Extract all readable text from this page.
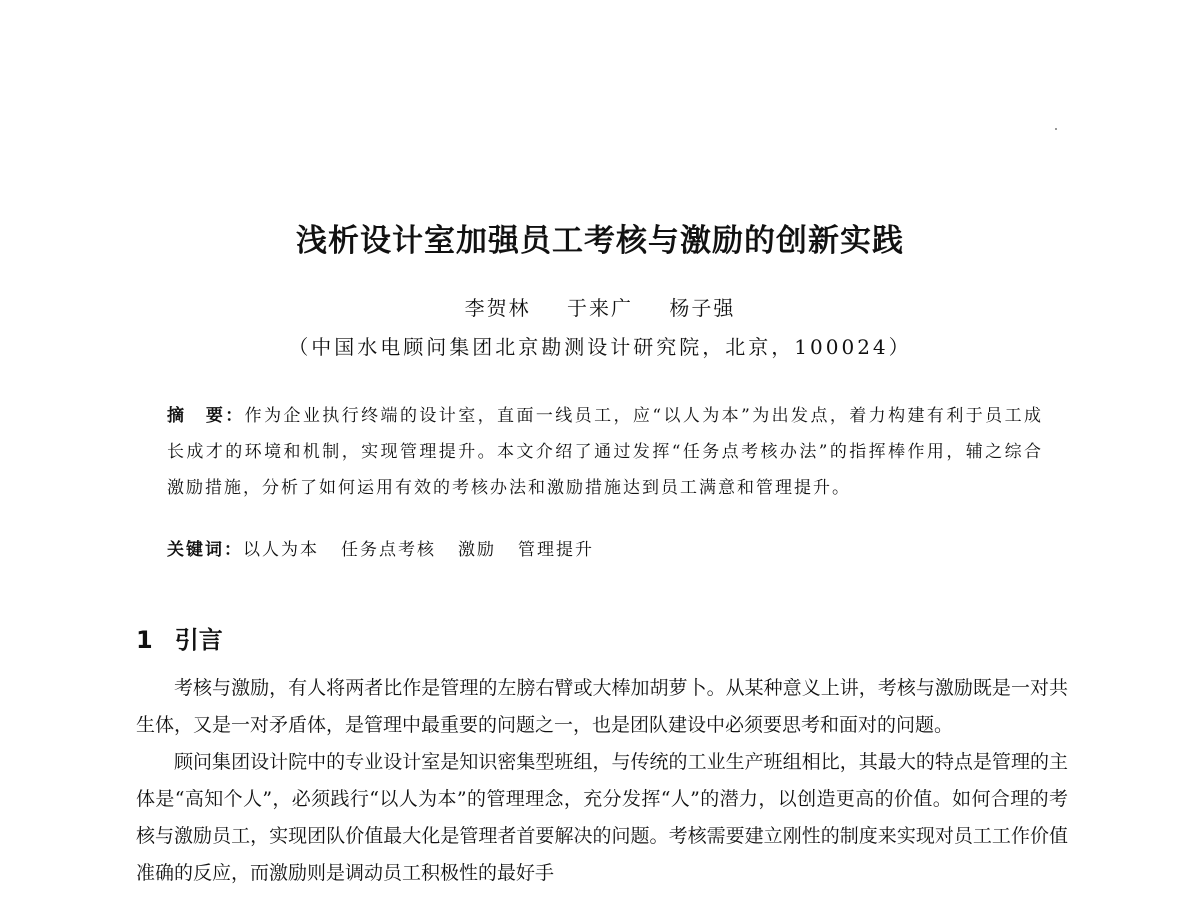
浅析设计室加强员工考核与激励的创新实践
李贺林 于来广 杨子强
（中国水电顾问集团北京勘测设计研究院，北京，100024）
摘　要：作为企业执行终端的设计室，直面一线员工，应“以人为本”为出发点，着力构建有利于员工成长成才的环境和机制，实现管理提升。本文介绍了通过发挥“任务点考核办法”的指挥棒作用，辅之综合激励措施，分析了如何运用有效的考核办法和激励措施达到员工满意和管理提升。
关键词：以人为本 任务点考核 激励 管理提升
1 引言

考核与激励，有人将两者比作是管理的左膀右臂或大棒加胡萝卜。从某种意义上讲，考核与激励既是一对共生体，又是一对矛盾体，是管理中最重要的问题之一，也是团队建设中必须要思考和面对的问题。

顾问集团设计院中的专业设计室是知识密集型班组，与传统的工业生产班组相比，其最大的特点是管理的主体是“高知个人”，必须践行“以人为本”的管理理念，充分发挥“人”的潜力，以创造更高的价值。如何合理的考核与激励员工，实现团队价值最大化是管理者首要解决的问题。考核需要建立刚性的制度来实现对员工工作价值准确的反应，而激励则是调动员工积极性的最好手
